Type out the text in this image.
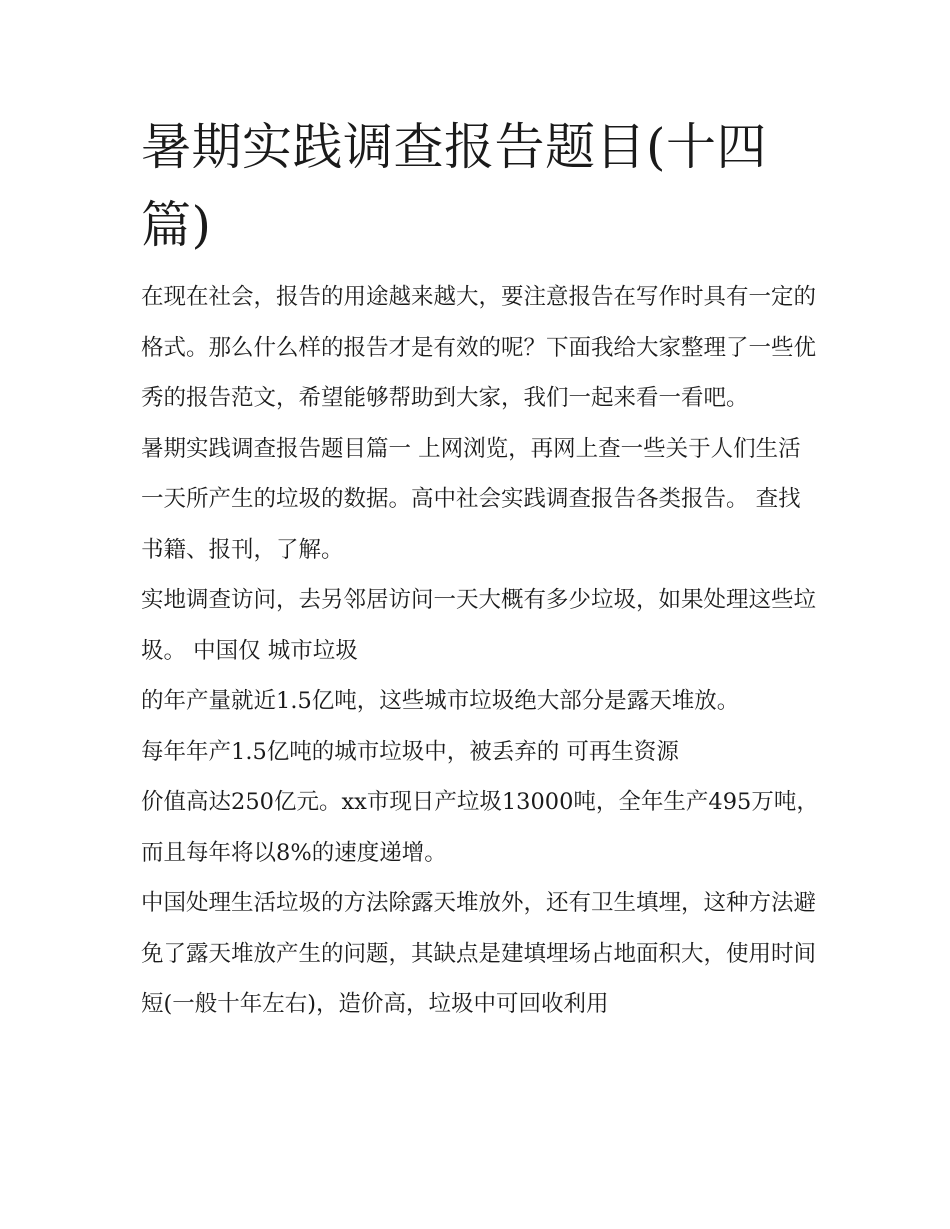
暑期实践调查报告题目(十四篇)

在现在社会，报告的用途越来越大，要注意报告在写作时具有一定的格式。那么什么样的报告才是有效的呢？下面我给大家整理了一些优秀的报告范文，希望能够帮助到大家，我们一起来看一看吧。

暑期实践调查报告题目篇一 上网浏览，再网上查一些关于人们生活一天所产生的垃圾的数据。高中社会实践调查报告各类报告。 查找书籍、报刊，了解。

实地调查访问，去另邻居访问一天大概有多少垃圾，如果处理这些垃圾。 中国仅 城市垃圾

的年产量就近1.5亿吨，这些城市垃圾绝大部分是露天堆放。

每年年产1.5亿吨的城市垃圾中，被丢弃的 可再生资源

价值高达250亿元。xx市现日产垃圾13000吨，全年生产495万吨，而且每年将以8%的速度递增。

中国处理生活垃圾的方法除露天堆放外，还有卫生填埋，这种方法避免了露天堆放产生的问题，其缺点是建填埋场占地面积大，使用时间短(一般十年左右)，造价高，垃圾中可回收利用
